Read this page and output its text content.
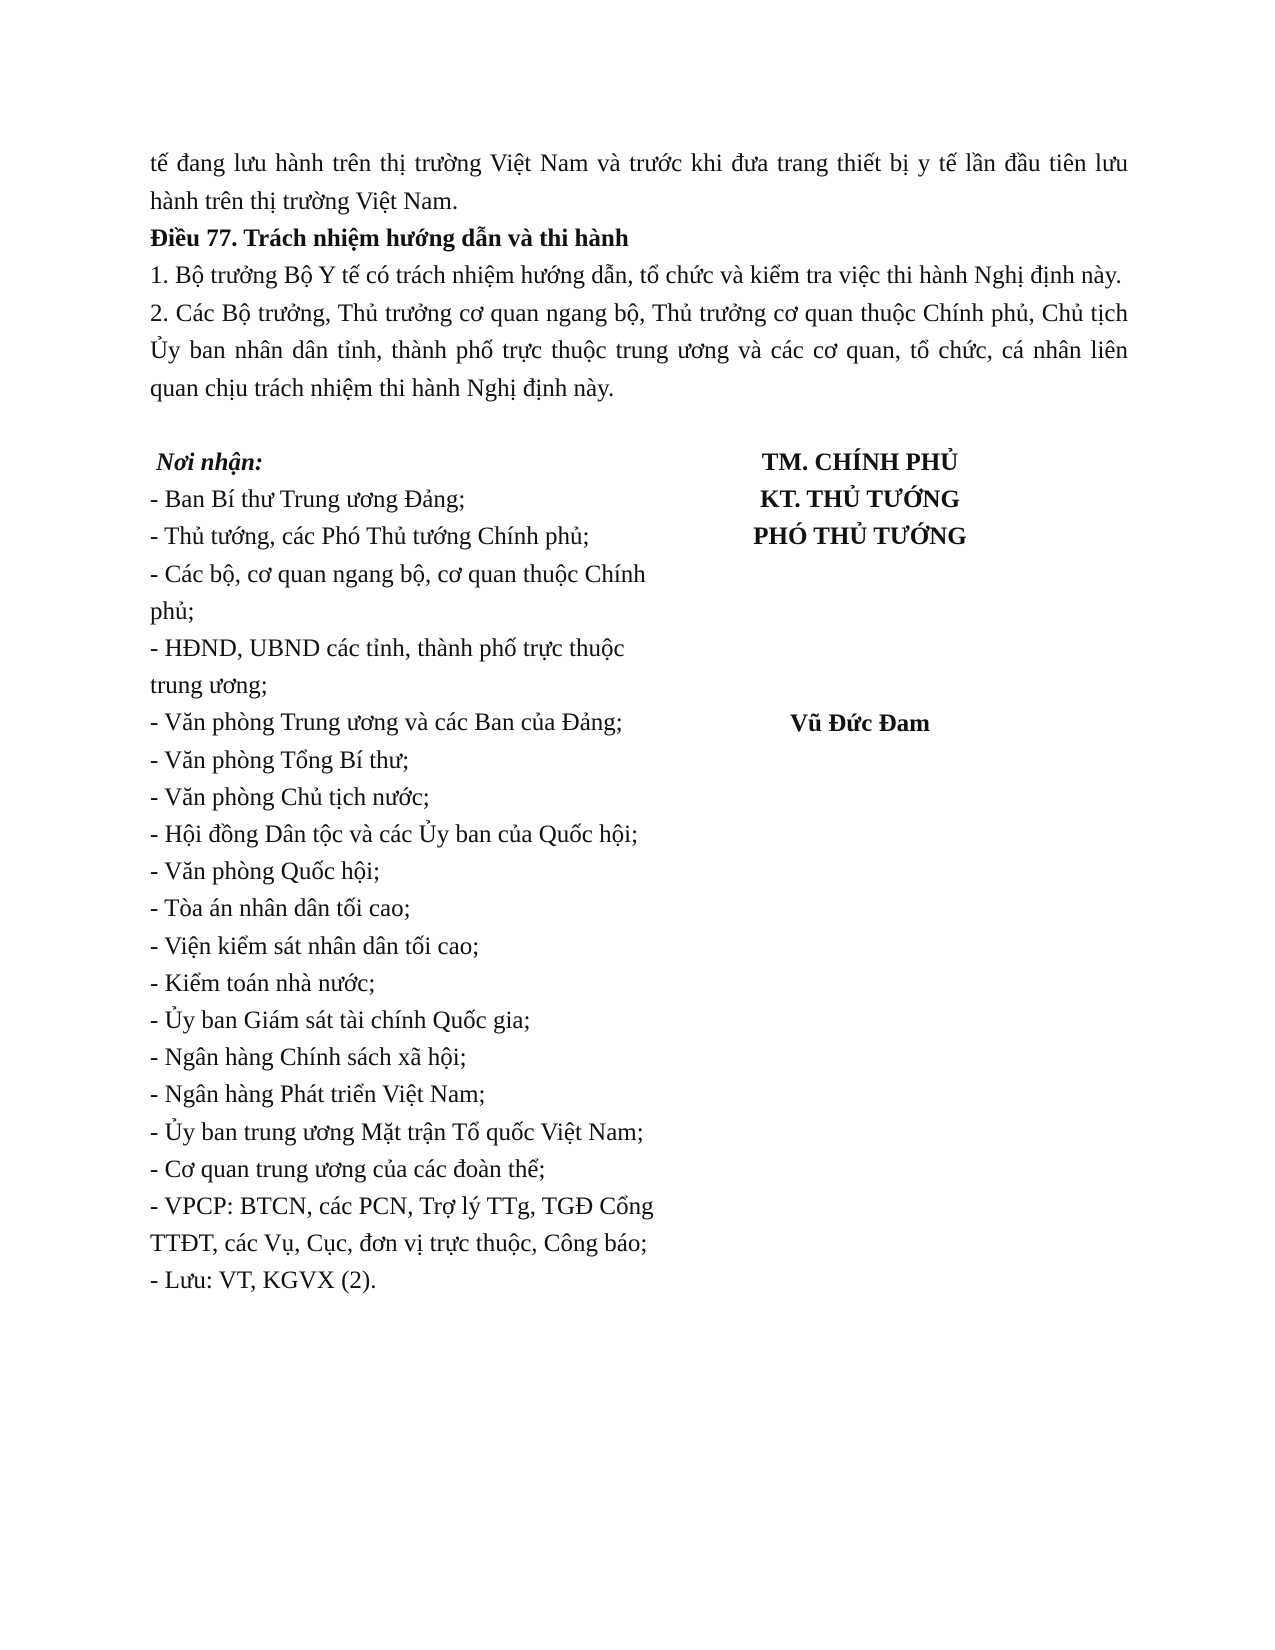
tế đang lưu hành trên thị trường Việt Nam và trước khi đưa trang thiết bị y tế lần đầu tiên lưu hành trên thị trường Việt Nam.

Điều 77. Trách nhiệm hướng dẫn và thi hành

1. Bộ trưởng Bộ Y tế có trách nhiệm hướng dẫn, tổ chức và kiểm tra việc thi hành Nghị định này.

2. Các Bộ trưởng, Thủ trưởng cơ quan ngang bộ, Thủ trưởng cơ quan thuộc Chính phủ, Chủ tịch Ủy ban nhân dân tỉnh, thành phố trực thuộc trung ương và các cơ quan, tổ chức, cá nhân liên quan chịu trách nhiệm thi hành Nghị định này.

Nơi nhận:
- Ban Bí thư Trung ương Đảng;
- Thủ tướng, các Phó Thủ tướng Chính phủ;
- Các bộ, cơ quan ngang bộ, cơ quan thuộc Chính phủ;
- HĐND, UBND các tỉnh, thành phố trực thuộc trung ương;
- Văn phòng Trung ương và các Ban của Đảng;
- Văn phòng Tổng Bí thư;
- Văn phòng Chủ tịch nước;
- Hội đồng Dân tộc và các Ủy ban của Quốc hội;
- Văn phòng Quốc hội;
- Tòa án nhân dân tối cao;
- Viện kiểm sát nhân dân tối cao;
- Kiểm toán nhà nước;
- Ủy ban Giám sát tài chính Quốc gia;
- Ngân hàng Chính sách xã hội;
- Ngân hàng Phát triển Việt Nam;
- Ủy ban trung ương Mặt trận Tổ quốc Việt Nam;
- Cơ quan trung ương của các đoàn thể;
- VPCP: BTCN, các PCN, Trợ lý TTg, TGĐ Cổng TTĐT, các Vụ, Cục, đơn vị trực thuộc, Công báo;
- Lưu: VT, KGVX (2).
TM. CHÍNH PHỦ
KT. THỦ TƯỚNG
PHÓ THỦ TƯỚNG
Vũ Đức Đam
